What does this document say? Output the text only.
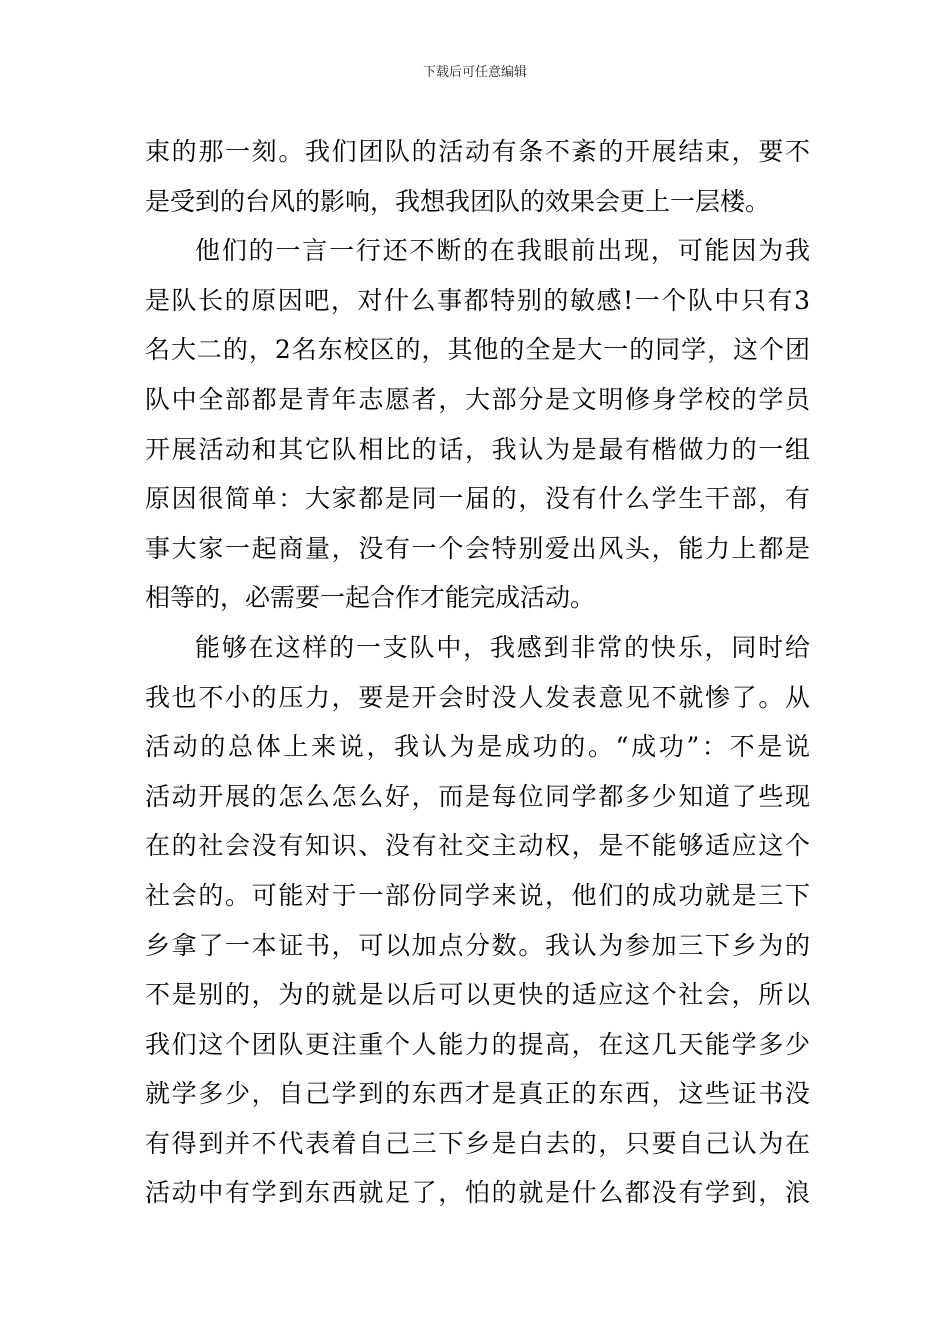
下载后可任意编辑
束的那一刻。我们团队的活动有条不紊的开展结束，要不
是受到的台风的影响，我想我团队的效果会更上一层楼。
他们的一言一行还不断的在我眼前出现，可能因为我
是队长的原因吧，对什么事都特别的敏感!一个队中只有3
名大二的，2名东校区的，其他的全是大一的同学，这个团
队中全部都是青年志愿者，大部分是文明修身学校的学员
开展活动和其它队相比的话，我认为是最有楷做力的一组
原因很简单：大家都是同一届的，没有什么学生干部，有
事大家一起商量，没有一个会特别爱出风头，能力上都是
相等的，必需要一起合作才能完成活动。
能够在这样的一支队中，我感到非常的快乐，同时给
我也不小的压力，要是开会时没人发表意见不就惨了。从
活动的总体上来说，我认为是成功的。“成功”：不是说
活动开展的怎么怎么好，而是每位同学都多少知道了些现
在的社会没有知识、没有社交主动权，是不能够适应这个
社会的。可能对于一部份同学来说，他们的成功就是三下
乡拿了一本证书，可以加点分数。我认为参加三下乡为的
不是别的，为的就是以后可以更快的适应这个社会，所以
我们这个团队更注重个人能力的提高，在这几天能学多少
就学多少，自己学到的东西才是真正的东西，这些证书没
有得到并不代表着自己三下乡是白去的，只要自己认为在
活动中有学到东西就足了，怕的就是什么都没有学到，浪
